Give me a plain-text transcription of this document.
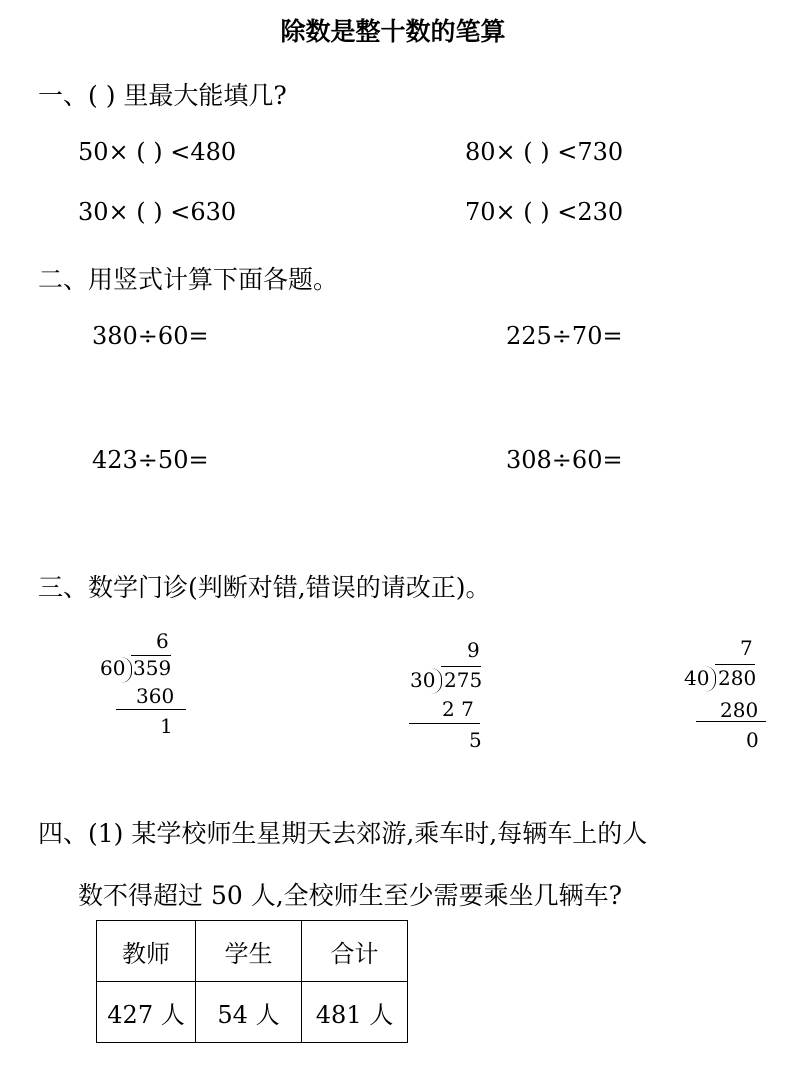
除数是整十数的笔算
一、( ) 里最大能填几?
50× ( ) <480	80× ( ) <730
30× ( ) <630	70× ( ) <230
二、用竖式计算下面各题。
380÷60=	225÷70=
423÷50=	308÷60=
三、数学门诊(判断对错,错误的请改正)。
6
60 359
360
1
9
30 275
2 7
5
7
40 280
280
0
四、(1) 某学校师生星期天去郊游,乘车时,每辆车上的人
数不得超过 50 人,全校师生至少需要乘坐几辆车?
教师	学生	合计
427 人	54 人	481 人
